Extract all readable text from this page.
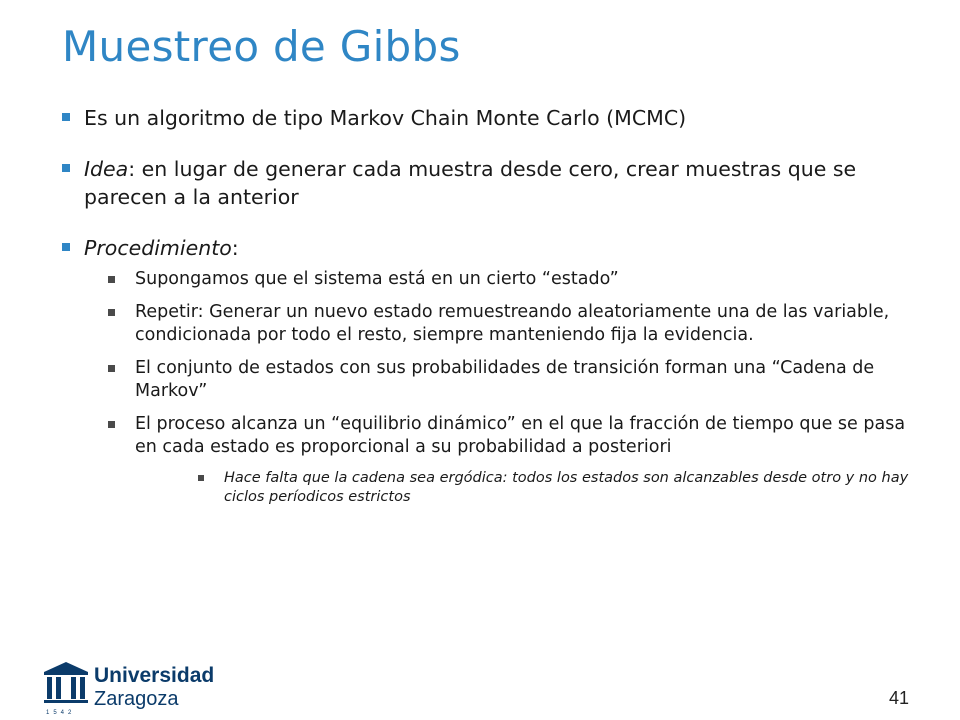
Muestreo de Gibbs
Es un algoritmo de tipo Markov Chain Monte Carlo (MCMC)
Idea: en lugar de generar cada muestra desde cero, crear muestras que se parecen a la anterior
Procedimiento:
Supongamos que el sistema está en un cierto “estado”
Repetir: Generar un nuevo estado remuestreando aleatoriamente una de las variable, condicionada por todo el resto, siempre manteniendo fija la evidencia.
El conjunto de estados con sus probabilidades de transición forman una “Cadena de Markov”
El proceso alcanza un “equilibrio dinámico” en el que la fracción de tiempo que se pasa en cada estado es proporcional a su probabilidad a posteriori
Hace falta que la cadena sea ergódica: todos los estados son alcanzables desde otro y no hay ciclos períodicos estrictos
1542
Universidad
Zaragoza	41
